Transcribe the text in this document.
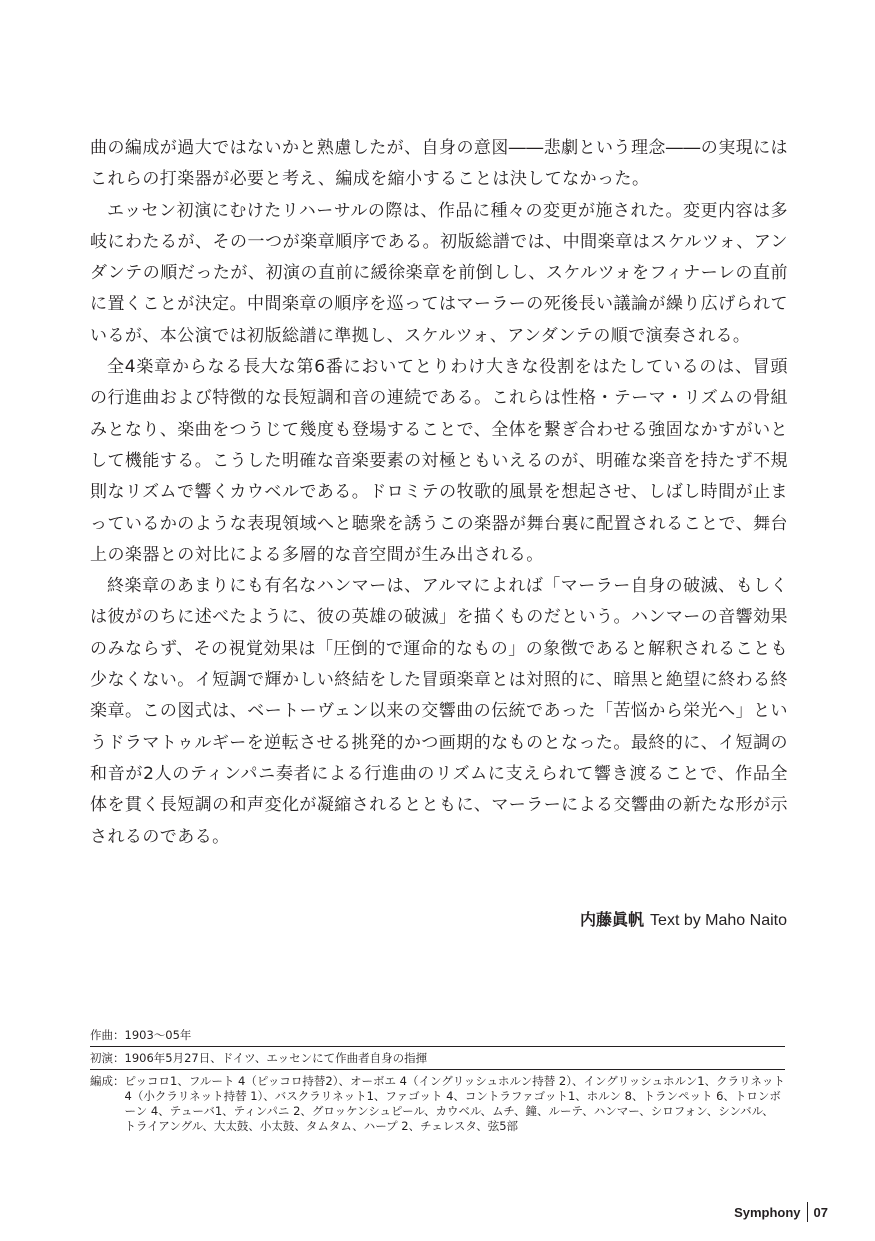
曲の編成が過大ではないかと熟慮したが、自身の意図――悲劇という理念――の実現にはこれらの打楽器が必要と考え、編成を縮小することは決してなかった。

エッセン初演にむけたリハーサルの際は、作品に種々の変更が施された。変更内容は多岐にわたるが、その一つが楽章順序である。初版総譜では、中間楽章はスケルツォ、アンダンテの順だったが、初演の直前に緩徐楽章を前倒しし、スケルツォをフィナーレの直前に置くことが決定。中間楽章の順序を巡ってはマーラーの死後長い議論が繰り広げられているが、本公演では初版総譜に準拠し、スケルツォ、アンダンテの順で演奏される。

全4楽章からなる長大な第6番においてとりわけ大きな役割をはたしているのは、冒頭の行進曲および特徴的な長短調和音の連続である。これらは性格・テーマ・リズムの骨組みとなり、楽曲をつうじて幾度も登場することで、全体を繋ぎ合わせる強固なかすがいとして機能する。こうした明確な音楽要素の対極ともいえるのが、明確な楽音を持たず不規則なリズムで響くカウベルである。ドロミテの牧歌的風景を想起させ、しばし時間が止まっているかのような表現領域へと聴衆を誘うこの楽器が舞台裏に配置されることで、舞台上の楽器との対比による多層的な音空間が生み出される。

終楽章のあまりにも有名なハンマーは、アルマによれば「マーラー自身の破滅、もしくは彼がのちに述べたように、彼の英雄の破滅」を描くものだという。ハンマーの音響効果のみならず、その視覚効果は「圧倒的で運命的なもの」の象徴であると解釈されることも少なくない。イ短調で輝かしい終結をした冒頭楽章とは対照的に、暗黒と絶望に終わる終楽章。この図式は、ベートーヴェン以来の交響曲の伝統であった「苦悩から栄光へ」というドラマトゥルギーを逆転させる挑発的かつ画期的なものとなった。最終的に、イ短調の和音が2人のティンパニ奏者による行進曲のリズムに支えられて響き渡ることで、作品全体を貫く長短調の和声変化が凝縮されるとともに、マーラーによる交響曲の新たな形が示されるのである。

内藤眞帆 Text by Maho Naito
作曲： 1903〜05年
初演： 1906年5月27日、ドイツ、エッセンにて作曲者自身の指揮
編成： ピッコロ1、フルート 4（ピッコロ持替2）、オーボエ 4（イングリッシュホルン持替 2）、イングリッシュホルン1、クラリネット 4（小クラリネット持替 1）、バスクラリネット1、ファゴット 4、コントラファゴット1、ホルン 8、トランペット 6、トロンボーン 4、テューバ1、ティンパニ 2、グロッケンシュピール、カウベル、ムチ、鐘、ルーテ、ハンマー、シロフォン、シンバル、トライアングル、大太鼓、小太鼓、タムタム、ハープ 2、チェレスタ、弦5部
Symphony 07
